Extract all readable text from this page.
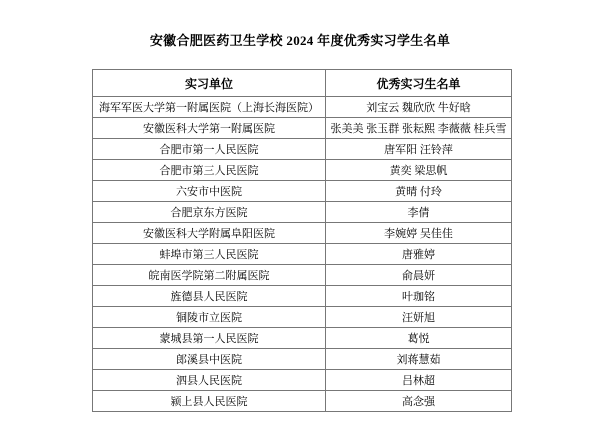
安徽合肥医药卫生学校 2024 年度优秀实习学生名单
实习单位	优秀实习生名单
海军军医大学第一附属医院（上海长海医院）	刘宝云 魏欣欣 牛好晗
安徽医科大学第一附属医院	张美美 张玉群 张耘熙 李薇薇 桂兵雪
合肥市第一人民医院	唐军阳 汪铃萍
合肥市第三人民医院	黄奕 梁思帆
六安市中医院	黄晴 付玲
合肥京东方医院	李倩
安徽医科大学附属阜阳医院	李婉婷 吴佳佳
蚌埠市第三人民医院	唐雅婷
皖南医学院第二附属医院	俞晨妍
旌德县人民医院	叶珈铭
铜陵市立医院	汪妍旭
蒙城县第一人民医院	葛悦
郎溪县中医院	刘蒋慧茹
泗县人民医院	吕林超
颍上县人民医院	高念强
